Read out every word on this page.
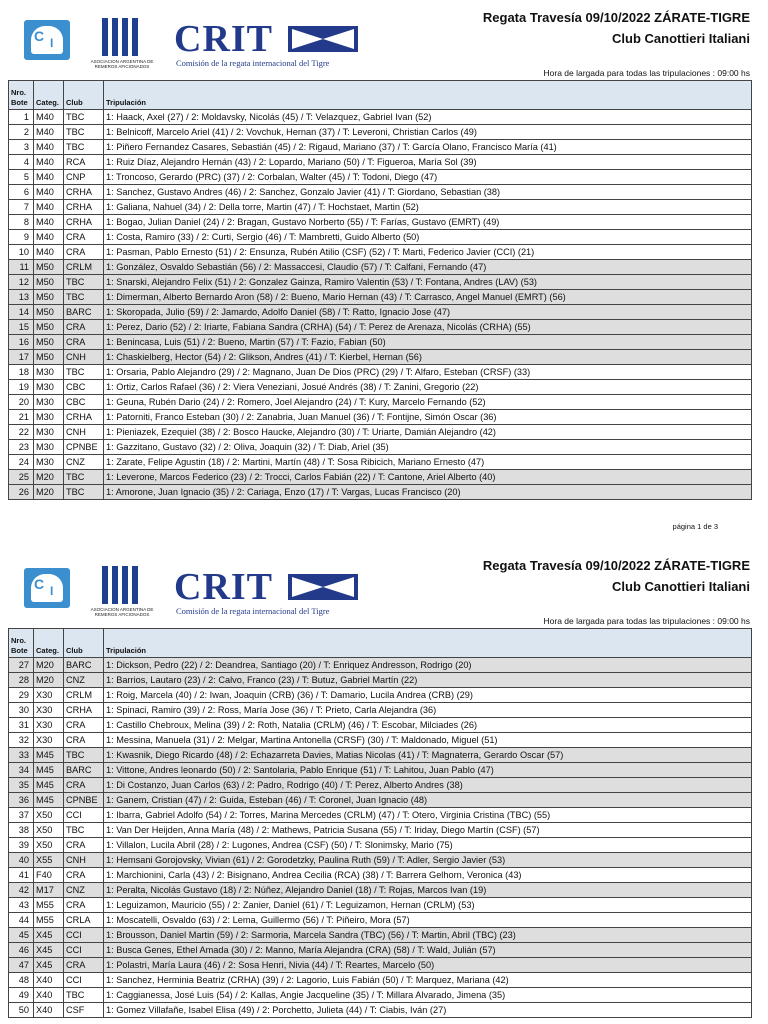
C I
ASOCIACION ARGENTINA DE REMEROS AFICIONADOS
CRIT
Comisión de la regata internacional del Tigre
Regata Travesía 09/10/2022 ZÁRATE-TIGRE
Club Canottieri Italiani
Hora de largada para todas las tripulaciones : 09:00 hs
Nro.
Bote	Categ.	Club	Tripulación
1	M40	TBC	1: Haack, Axel (27) / 2: Moldavsky, Nicolás (45) / T: Velazquez, Gabriel Ivan (52)
2	M40	TBC	1: Belnicoff, Marcelo Ariel (41) / 2: Vovchuk, Hernan (37) / T: Leveroni, Christian Carlos (49)
3	M40	TBC	1: Piñero Fernandez Casares, Sebastián (45) / 2: Rigaud, Mariano (37) / T: García Olano, Francisco María (41)
4	M40	RCA	1: Ruiz Díaz, Alejandro Hernán (43) / 2: Lopardo, Mariano (50) / T: Figueroa, María Sol (39)
5	M40	CNP	1: Troncoso, Gerardo (PRC) (37) / 2: Corbalan, Walter (45) / T: Todoni, Diego (47)
6	M40	CRHA	1: Sanchez, Gustavo Andres (46) / 2: Sanchez, Gonzalo Javier (41) / T: Giordano, Sebastian (38)
7	M40	CRHA	1: Galiana, Nahuel (34) / 2: Della torre, Martin (47) / T: Hochstaet, Martin (52)
8	M40	CRHA	1: Bogao, Julian Daniel (24) / 2: Bragan, Gustavo Norberto (55) / T: Farías, Gustavo (EMRT) (49)
9	M40	CRA	1: Costa, Ramiro (33) / 2: Curti, Sergio (46) / T: Mambretti, Guido Alberto (50)
10	M40	CRA	1: Pasman, Pablo Ernesto (51) / 2: Ensunza, Rubén Atilio (CSF) (52) / T: Marti, Federico Javier (CCI) (21)
11	M50	CRLM	1: González, Osvaldo Sebastián (56) / 2: Massaccesi, Claudio (57) / T: Calfani, Fernando (47)
12	M50	TBC	1: Snarski, Alejandro Felix (51) / 2: Gonzalez Gainza, Ramiro Valentin (53) / T: Fontana, Andres (LAV) (53)
13	M50	TBC	1: Dimerman, Alberto Bernardo Aron (58) / 2: Bueno, Mario Hernan (43) / T: Carrasco, Angel Manuel (EMRT) (56)
14	M50	BARC	1: Skoropada, Julio (59) / 2: Jamardo, Adolfo Daniel (58) / T: Ratto, Ignacio Jose (47)
15	M50	CRA	1: Perez, Dario (52) / 2: Iriarte, Fabiana Sandra (CRHA) (54) / T: Perez de Arenaza, Nicolás (CRHA) (55)
16	M50	CRA	1: Benincasa, Luis (51) / 2: Bueno, Martin (57) / T: Fazio, Fabian (50)
17	M50	CNH	1: Chaskielberg, Hector (54) / 2: Glikson, Andres (41) / T: Kierbel, Hernan (56)
18	M30	TBC	1: Orsaria, Pablo Alejandro (29) / 2: Magnano, Juan De Dios (PRC) (29) / T: Alfaro, Esteban (CRSF) (33)
19	M30	CBC	1: Ortiz, Carlos Rafael (36) / 2: Viera Veneziani, Josué Andrés (38) / T: Zanini, Gregorio (22)
20	M30	CBC	1: Geuna, Rubén Dario (24) / 2: Romero, Joel Alejandro (24) / T: Kury, Marcelo Fernando (52)
21	M30	CRHA	1: Patorniti, Franco Esteban (30) / 2: Zanabria, Juan Manuel (36) / T: Fontijne, Simón Oscar (36)
22	M30	CNH	1: Pieniazek, Ezequiel (38) / 2: Bosco Haucke, Alejandro (30) / T: Uriarte, Damián Alejandro (42)
23	M30	CPNBE	1: Gazzitano, Gustavo (32) / 2: Oliva, Joaquin (32) / T: Diab, Ariel (35)
24	M30	CNZ	1: Zarate, Felipe Agustin (18) / 2: Martini, Martín (48) / T: Sosa Ribicich, Mariano Ernesto (47)
25	M20	TBC	1: Leverone, Marcos Federico (23) / 2: Trocci, Carlos Fabián (22) / T: Cantone, Ariel Alberto (40)
26	M20	TBC	1: Amorone, Juan Ignacio (35) / 2: Cariaga, Enzo (17) / T: Vargas, Lucas Francisco (20)
página 1 de 3
C I
ASOCIACION ARGENTINA DE REMEROS AFICIONADOS
CRIT
Comisión de la regata internacional del Tigre
Regata Travesía 09/10/2022 ZÁRATE-TIGRE
Club Canottieri Italiani
Hora de largada para todas las tripulaciones : 09:00 hs
Nro.
Bote	Categ.	Club	Tripulación
27	M20	BARC	1: Dickson, Pedro (22) / 2: Deandrea, Santiago (20) / T: Enriquez Andresson, Rodrigo (20)
28	M20	CNZ	1: Barrios, Lautaro (23) / 2: Calvo, Franco (23) / T: Butuz, Gabriel Martín (22)
29	X30	CRLM	1: Roig, Marcela (40) / 2: Iwan, Joaquin (CRB) (36) / T: Damario, Lucila Andrea (CRB) (29)
30	X30	CRHA	1: Spinaci, Ramiro (39) / 2: Ross, María Jose (36) / T: Prieto, Carla Alejandra (36)
31	X30	CRA	1: Castillo Chebroux, Melina (39) / 2: Roth, Natalia (CRLM) (46) / T: Escobar, Milciades (26)
32	X30	CRA	1: Messina, Manuela (31) / 2: Melgar, Martina Antonella (CRSF) (30) / T: Maldonado, Miguel (51)
33	M45	TBC	1: Kwasnik, Diego Ricardo (48) / 2: Echazarreta Davies, Matias Nicolas (41) / T: Magnaterra, Gerardo Oscar (57)
34	M45	BARC	1: Vittone, Andres leonardo (50) / 2: Santolaria, Pablo Enrique (51) / T: Lahitou, Juan Pablo (47)
35	M45	CRA	1: Di Costanzo, Juan Carlos (63) / 2: Padro, Rodrigo (40) / T: Perez, Alberto Andres (38)
36	M45	CPNBE	1: Ganem, Cristian (47) / 2: Guida, Esteban (46) / T: Coronel, Juan Ignacio (48)
37	X50	CCI	1: Ibarra, Gabriel Adolfo (54) / 2: Torres, Marina Mercedes (CRLM) (47) / T: Otero, Virginia Cristina (TBC) (55)
38	X50	TBC	1: Van Der Heijden, Anna María (48) / 2: Mathews, Patricia Susana (55) / T: Iriday, Diego Martín (CSF) (57)
39	X50	CRA	1: Villalon, Lucila Abril (28) / 2: Lugones, Andrea (CSF) (50) / T: Slonimsky, Mario (75)
40	X55	CNH	1: Hemsani Gorojovsky, Vivian (61) / 2: Gorodetzky, Paulina Ruth (59) / T: Adler, Sergio Javier (53)
41	F40	CRA	1: Marchionini, Carla (43) / 2: Bisignano, Andrea Cecilia (RCA) (38) / T: Barrera Gelhorn, Veronica (43)
42	M17	CNZ	1: Peralta, Nicolás Gustavo (18) / 2: Núñez, Alejandro Daniel (18) / T: Rojas, Marcos Ivan (19)
43	M55	CRA	1: Leguizamon, Mauricio (55) / 2: Zanier, Daniel (61) / T: Leguizamon, Hernan (CRLM) (53)
44	M55	CRLA	1: Moscatelli, Osvaldo (63) / 2: Lema, Guillermo (56) / T: Piñeiro, Mora (57)
45	X45	CCI	1: Brousson, Daniel Martin (59) / 2: Sarmoria, Marcela Sandra (TBC) (56) / T: Martin, Abril (TBC) (23)
46	X45	CCI	1: Busca Genes, Ethel Amada (30) / 2: Manno, María Alejandra (CRA) (58) / T: Wald, Julián (57)
47	X45	CRA	1: Polastri, María Laura (46) / 2: Sosa Henri, Nivia (44) / T: Reartes, Marcelo (50)
48	X40	CCI	1: Sanchez, Herminia Beatriz (CRHA) (39) / 2: Lagorio, Luis Fabián (50) / T: Marquez, Mariana (42)
49	X40	TBC	1: Caggianessa, José Luis (54) / 2: Kallas, Angie Jacqueline (35) / T: Millara Alvarado, Jimena (35)
50	X40	CSF	1: Gomez Villafañe, Isabel Elisa (49) / 2: Porchetto, Julieta (44) / T: Ciabis, Iván (27)
